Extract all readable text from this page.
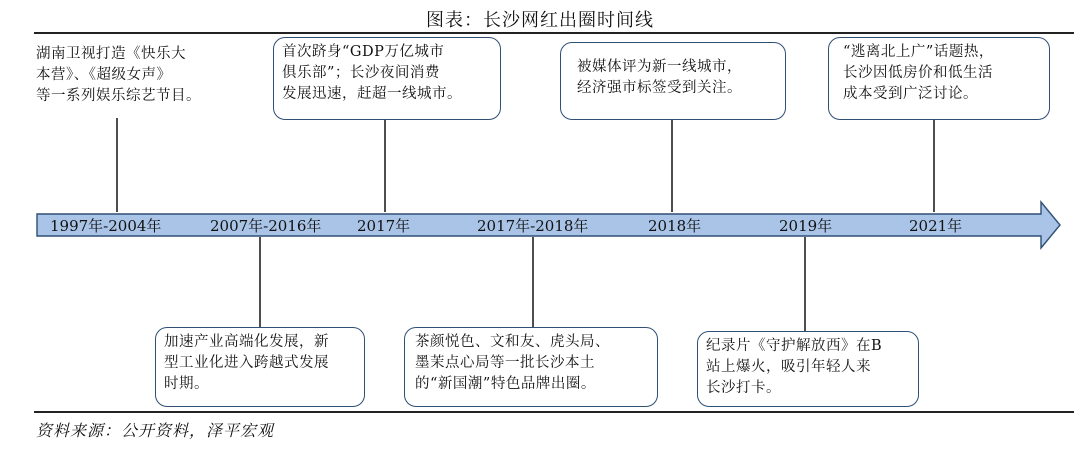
图表：长沙网红出圈时间线
1997年-2004年	2007年-2016年 2017年	2017年-2018年	2018年	2019年	2021年
湖南卫视打造《快乐大
本营》、《超级女声》
等一系列娱乐综艺节目。
首次跻身“GDP万亿城市
俱乐部”；长沙夜间消费
发展迅速，赶超一线城市。
被媒体评为新一线城市，
经济强市标签受到关注。
“逃离北上广”话题热，
长沙因低房价和低生活
成本受到广泛讨论。
加速产业高端化发展，新
型工业化进入跨越式发展
时期。
茶颜悦色、文和友、虎头局、
墨茉点心局等一批长沙本土
的“新国潮”特色品牌出圈。
纪录片《守护解放西》在B
站上爆火，吸引年轻人来
长沙打卡。
资料来源：公开资料，泽平宏观
